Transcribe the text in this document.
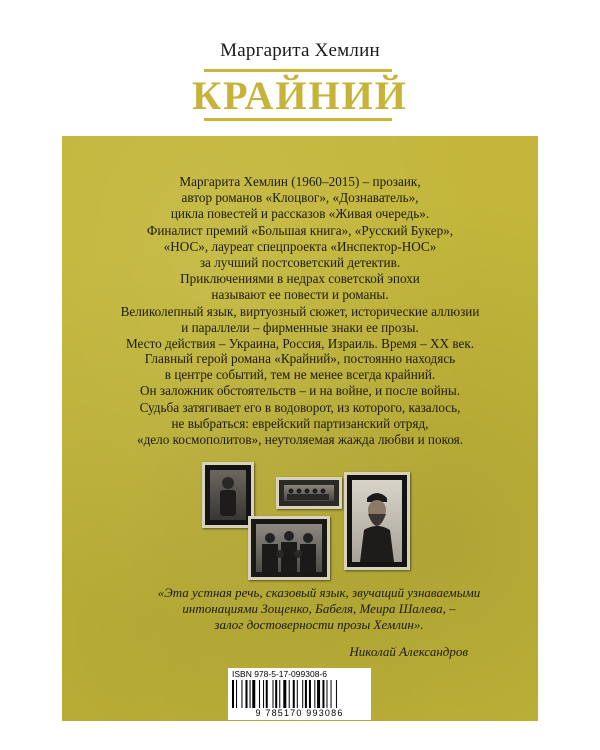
Маргарита Хемлин
КРАЙНИЙ
Маргарита Хемлин (1960–2015) – прозаик,
автор романов «Клоцвог», «Дознаватель»,
цикла повестей и рассказов «Живая очередь».
Финалист премий «Большая книга», «Русский Букер»,
«НОС», лауреат спецпроекта «Инспектор-НОС»
за лучший постсоветский детектив.
Приключениями в недрах советской эпохи
называют ее повести и романы.
Великолепный язык, виртуозный сюжет, исторические аллюзии
и параллели – фирменные знаки ее прозы.
Место действия – Украина, Россия, Израиль. Время – XX век.
Главный герой романа «Крайний», постоянно находясь
в центре событий, тем не менее всегда крайний.
Он заложник обстоятельств – и на войне, и после войны.
Судьба затягивает его в водоворот, из которого, казалось,
не выбраться: еврейский партизанский отряд,
«дело космополитов», неутоляемая жажда любви и покоя.
«Эта устная речь, сказовый язык, звучащий узнаваемыми
интонациями Зощенко, Бабеля, Меира Шалева, –
залог достоверности прозы Хемлин».
Николай Александров
ISBN 978-5-17-099308-6
9 785170 993086
